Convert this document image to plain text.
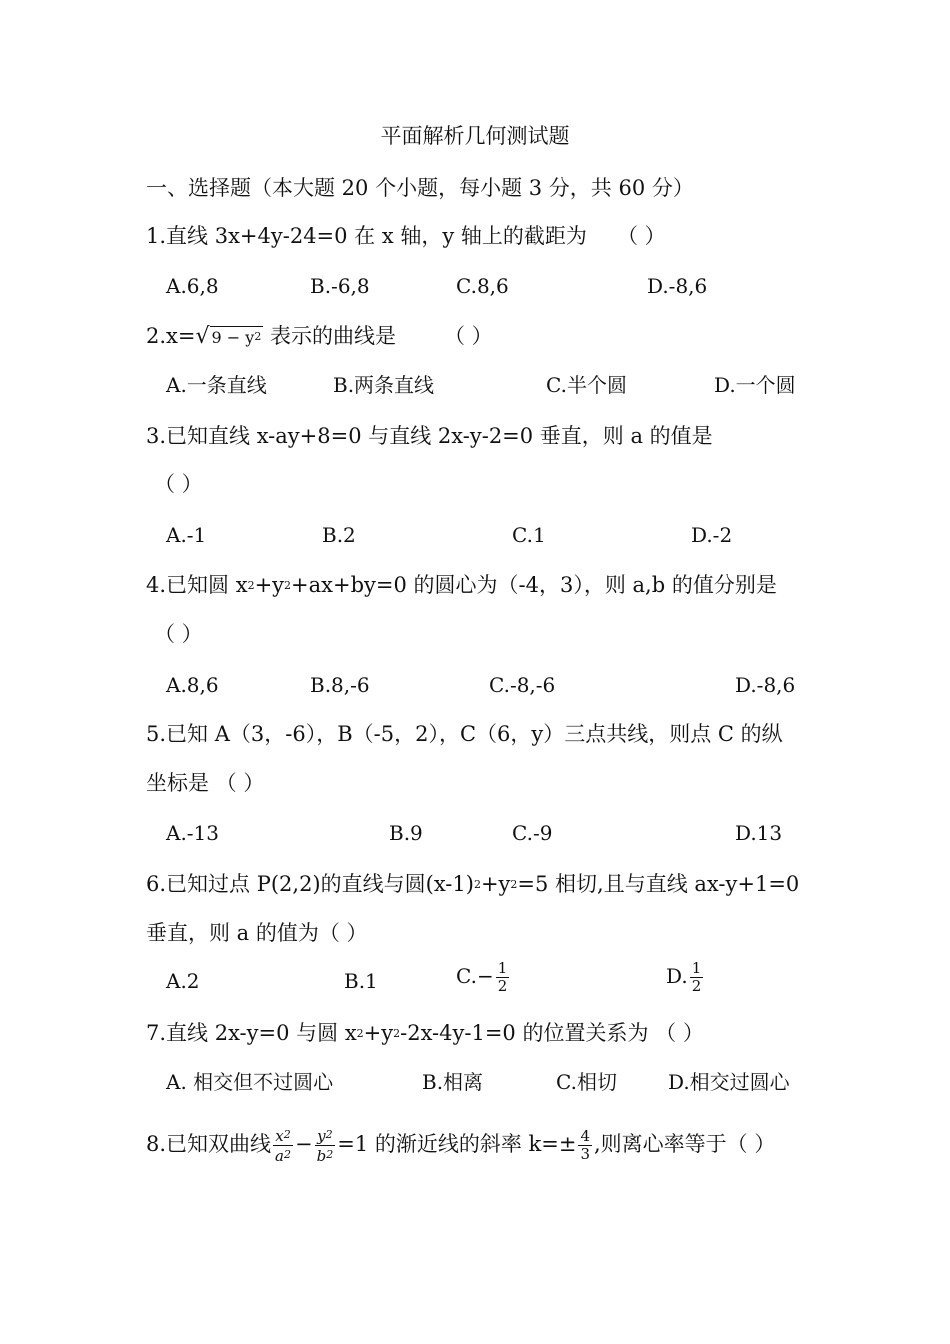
平面解析几何测试题
一、选择题（本大题 20 个小题，每小题 3 分，共 60 分）
1.直线 3x+4y-24=0 在 x 轴，y 轴上的截距为 （ ）
A.6,8	B.-6,8	C.8,6	D.-8,6
2.x=√ $9 - y^2$ 表示的曲线是 （ ）
A.一条直线	B.两条直线	C.半个圆	D.一个圆
3.已知直线 x-ay+8=0 与直线 2x-y-2=0 垂直，则 a 的值是
（ ）
A.-1	B.2	C.1	D.-2
4.已知圆 $x^2+y^2+ax+by=0$ 的圆心为（-4，3），则 a,b 的值分别是
（ ）
A.8,6	B.8,-6	C.-8,-6	D.-8,6
5.已知 A（3，-6），B（-5，2），C（6，y）三点共线，则点 C 的纵
坐标是 （ ）
A.-13	B.9	C.-9	D.13
6.已知过点 P(2,2)的直线与圆$(x-1)^2+y^2=5$ 相切,且与直线 ax-y+1=0
垂直，则 a 的值为（ ）
A.2	B.1	$C.- \frac{1}{2}$	D. $\frac{1}{2}$
7.直线 2x-y=0 与圆 $x^2+y^2-2x-4y-1=0$ 的位置关系为 （ ）
A. 相交但不过圆心	B.相离	C.相切	D.相交过圆心
8.已知双曲线 $\frac{x^2}{a^2} - \frac{y^2}{b^2} =1$ 的渐近线的斜率 $k=\pm \frac{4}{3}$ ,则离心率等于（ ）
